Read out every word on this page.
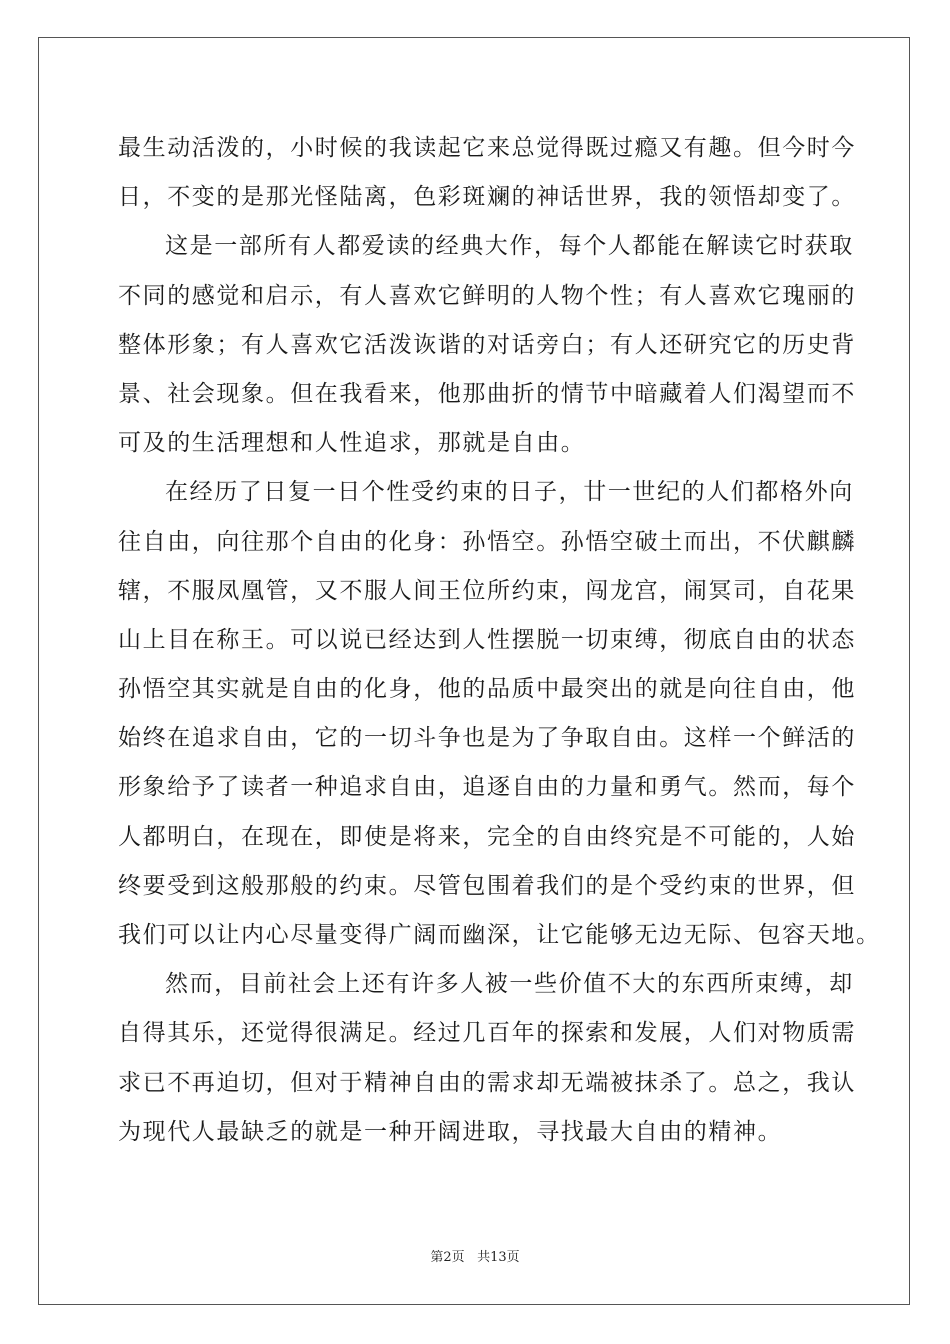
最生动活泼的，小时候的我读起它来总觉得既过瘾又有趣。但今时今
日，不变的是那光怪陆离，色彩斑斓的神话世界，我的领悟却变了。
这是一部所有人都爱读的经典大作，每个人都能在解读它时获取
不同的感觉和启示，有人喜欢它鲜明的人物个性；有人喜欢它瑰丽的
整体形象；有人喜欢它活泼诙谐的对话旁白；有人还研究它的历史背
景、社会现象。但在我看来，他那曲折的情节中暗藏着人们渴望而不
可及的生活理想和人性追求，那就是自由。
在经历了日复一日个性受约束的日子，廿一世纪的人们都格外向
往自由，向往那个自由的化身：孙悟空。孙悟空破土而出，不伏麒麟
辖，不服凤凰管，又不服人间王位所约束，闯龙宫，闹冥司，自花果
山上目在称王。可以说已经达到人性摆脱一切束缚，彻底自由的状态
孙悟空其实就是自由的化身，他的品质中最突出的就是向往自由，他
始终在追求自由，它的一切斗争也是为了争取自由。这样一个鲜活的
形象给予了读者一种追求自由，追逐自由的力量和勇气。然而，每个
人都明白，在现在，即使是将来，完全的自由终究是不可能的，人始
终要受到这般那般的约束。尽管包围着我们的是个受约束的世界，但
我们可以让内心尽量变得广阔而幽深，让它能够无边无际、包容天地。
然而，目前社会上还有许多人被一些价值不大的东西所束缚，却
自得其乐，还觉得很满足。经过几百年的探索和发展，人们对物质需
求已不再迫切，但对于精神自由的需求却无端被抹杀了。总之，我认
为现代人最缺乏的就是一种开阔进取，寻找最大自由的精神。
第2页 共13页
